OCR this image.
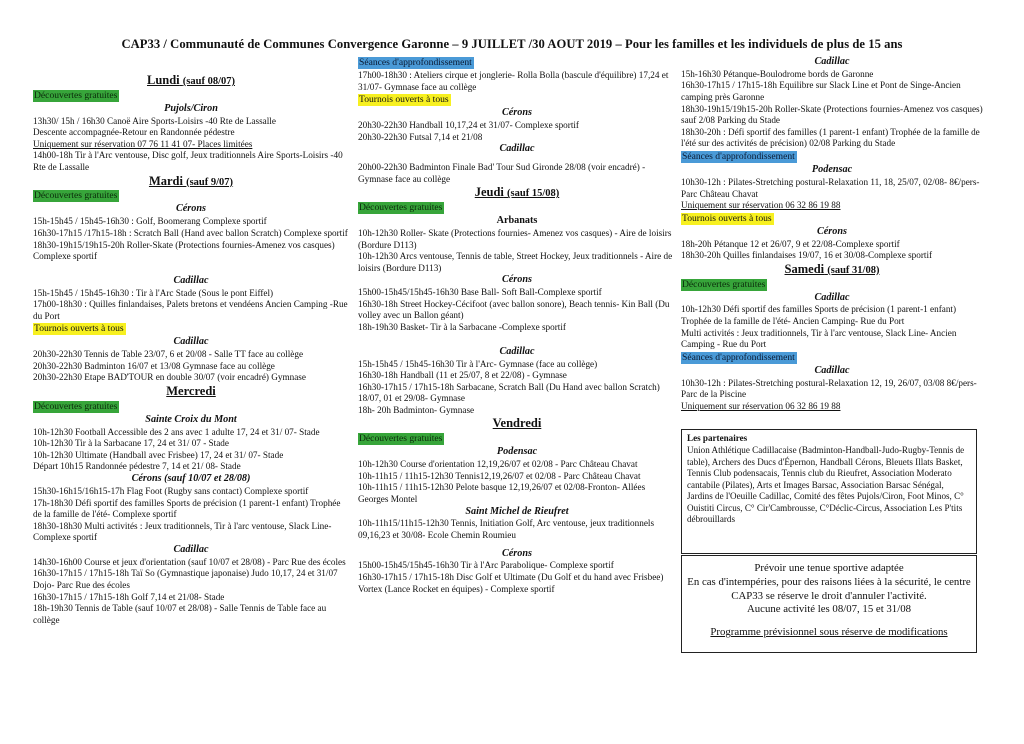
CAP33 / Communauté de Communes Convergence Garonne – 9 JUILLET /30 AOUT 2019 – Pour les familles et les individuels de plus de 15 ans
Lundi (sauf 08/07)
Découvertes gratuites
Pujols/Ciron

13h30/ 15h / 16h30 Canoë Aire Sports-Loisirs -40 Rte de Lassalle

Descente accompagnée-Retour en Randonnée pédestre

Uniquement sur réservation 07 76 11 41 07- Places limitées

14h00-18h Tir à l'Arc ventouse, Disc golf, Jeux traditionnels Aire Sports-Loisirs -40 Rte de Lassalle

Mardi (sauf 9/07)
Découvertes gratuites
Cérons

15h-15h45 / 15h45-16h30 : Golf, Boomerang Complexe sportif

16h30-17h15 /17h15-18h : Scratch Ball (Hand avec ballon Scratch) Complexe sportif

18h30-19h15/19h15-20h Roller-Skate (Protections fournies-Amenez vos casques) Complexe sportif

Cadillac

15h-15h45 / 15h45-16h30 : Tir à l'Arc Stade (Sous le pont Eiffel)

17h00-18h30 : Quilles finlandaises, Palets bretons et vendéens Ancien Camping -Rue du Port

Tournois ouverts à tous
Cadillac

20h30-22h30 Tennis de Table 23/07, 6 et 20/08 - Salle TT face au collège

20h30-22h30 Badminton 16/07 et 13/08 Gymnase face au collège

20h30-22h30 Etape BAD'TOUR en double 30/07 (voir encadré) Gymnase

Mercredi
Découvertes gratuites
Sainte Croix du Mont

10h-12h30 Football Accessible des 2 ans avec 1 adulte 17, 24 et 31/ 07- Stade

10h-12h30 Tir à la Sarbacane 17, 24 et 31/ 07 - Stade

10h-12h30 Ultimate (Handball avec Frisbee) 17, 24 et 31/ 07- Stade

Départ 10h15 Randonnée pédestre 7, 14 et 21/ 08- Stade

Cérons (sauf 10/07 et 28/08)

15h30-16h15/16h15-17h Flag Foot (Rugby sans contact) Complexe sportif

17h-18h30 Défi sportif des familles Sports de précision (1 parent-1 enfant) Trophée de la famille de l'été- Complexe sportif

18h30-18h30 Multi activités : Jeux traditionnels, Tir à l'arc ventouse, Slack Line- Complexe sportif

Cadillac

14h30-16h00 Course et jeux d'orientation (sauf 10/07 et 28/08) - Parc Rue des écoles

16h30-17h15 / 17h15-18h Taï So (Gymnastique japonaise) Judo 10,17, 24 et 31/07 Dojo- Parc Rue des écoles

16h30-17h15 / 17h15-18h Golf 7,14 et 21/08- Stade

18h-19h30 Tennis de Table (sauf 10/07 et 28/08) - Salle Tennis de Table face au collège

Séances d'approfondissement

17h00-18h30 : Ateliers cirque et jonglerie- Rolla Bolla (bascule d'équilibre) 17,24 et 31/07- Gymnase face au collège

Tournois ouverts à tous
Cérons

20h30-22h30 Handball 10,17,24 et 31/07- Complexe sportif

20h30-22h30 Futsal 7,14 et 21/08

Cadillac

20h00-22h30 Badminton Finale Bad' Tour Sud Gironde 28/08 (voir encadré) - Gymnase face au collège

Jeudi (sauf 15/08)
Découvertes gratuites
Arbanats

10h-12h30 Roller- Skate (Protections fournies- Amenez vos casques) - Aire de loisirs (Bordure D113)

10h-12h30 Arcs ventouse, Tennis de table, Street Hockey, Jeux traditionnels - Aire de loisirs (Bordure D113)

Cérons

15h00-15h45/15h45-16h30 Base Ball- Soft Ball-Complexe sportif

16h30-18h Street Hockey-Cécifoot (avec ballon sonore), Beach tennis- Kin Ball (Du volley avec un Ballon géant)

18h-19h30 Basket- Tir à la Sarbacane -Complexe sportif

Cadillac

15h-15h45 / 15h45-16h30 Tir à l'Arc- Gymnase (face au collège)

16h30-18h Handball (11 et 25/07, 8 et 22/08) - Gymnase

16h30-17h15 / 17h15-18h Sarbacane, Scratch Ball (Du Hand avec ballon Scratch) 18/07, 01 et 29/08- Gymnase

18h- 20h Badminton- Gymnase

Vendredi
Découvertes gratuites
Podensac

10h-12h30 Course d'orientation 12,19,26/07 et 02/08 - Parc Château Chavat

10h-11h15 / 11h15-12h30 Tennis12,19,26/07 et 02/08 - Parc Château Chavat

10h-11h15 / 11h15-12h30 Pelote basque 12,19,26/07 et 02/08-Fronton- Allées Georges Montel

Saint Michel de Rieufret

10h-11h15/11h15-12h30 Tennis, Initiation Golf, Arc ventouse, jeux traditionnels 09,16,23 et 30/08- Ecole Chemin Roumieu

Cérons

15h00-15h45/15h45-16h30 Tir à l'Arc Parabolique- Complexe sportif

16h30-17h15 / 17h15-18h Disc Golf et Ultimate (Du Golf et du hand avec Frisbee) Vortex (Lance Rocket en équipes) - Complexe sportif

Cadillac

15h-16h30 Pétanque-Boulodrome bords de Garonne

16h30-17h15 / 17h15-18h Equilibre sur Slack Line et Pont de Singe-Ancien camping près Garonne

18h30-19h15/19h15-20h Roller-Skate (Protections fournies-Amenez vos casques) sauf 2/08 Parking du Stade

18h30-20h : Défi sportif des familles (1 parent-1 enfant) Trophée de la famille de l'été sur des activités de précision) 02/08 Parking du Stade

Séances d'approfondissement
Podensac

10h30-12h : Pilates-Stretching postural-Relaxation 11, 18, 25/07, 02/08- 8€/pers- Parc Château Chavat

Uniquement sur réservation 06 32 86 19 88

Tournois ouverts à tous
Cérons

18h-20h Pétanque 12 et 26/07, 9 et 22/08-Complexe sportif

18h30-20h Quilles finlandaises 19/07, 16 et 30/08-Complexe sportif

Samedi (sauf 31/08)
Découvertes gratuites
Cadillac

10h-12h30 Défi sportif des familles Sports de précision (1 parent-1 enfant) Trophée de la famille de l'été- Ancien Camping- Rue du Port

Multi activités : Jeux traditionnels, Tir à l'arc ventouse, Slack Line- Ancien Camping - Rue du Port

Séances d'approfondissement
Cadillac

10h30-12h : Pilates-Stretching postural-Relaxation 12, 19, 26/07, 03/08 8€/pers- Parc de la Piscine

Uniquement sur réservation 06 32 86 19 88

Les partenaires
Union Athlétique Cadillacaise (Badminton-Handball-Judo-Rugby-Tennis de table), Archers des Ducs d'Épernon, Handball Cérons, Bleuets Illats Basket, Tennis Club podensacais, Tennis club du Rieufret, Association Moderato cantabile (Pilates), Arts et Images Barsac, Association Barsac Sénégal, Jardins de l'Oeuille Cadillac, Comité des fêtes Pujols/Ciron, Foot Minos, C° Ouistiti Circus, C° Cir'Cambrousse, C°Déclic-Circus, Association Les P'tits débrouillards
Prévoir une tenue sportive adaptée
En cas d'intempéries, pour des raisons liées à la sécurité, le centre CAP33 se réserve le droit d'annuler l'activité.
Aucune activité les 08/07, 15 et 31/08
Programme prévisionnel sous réserve de modifications
